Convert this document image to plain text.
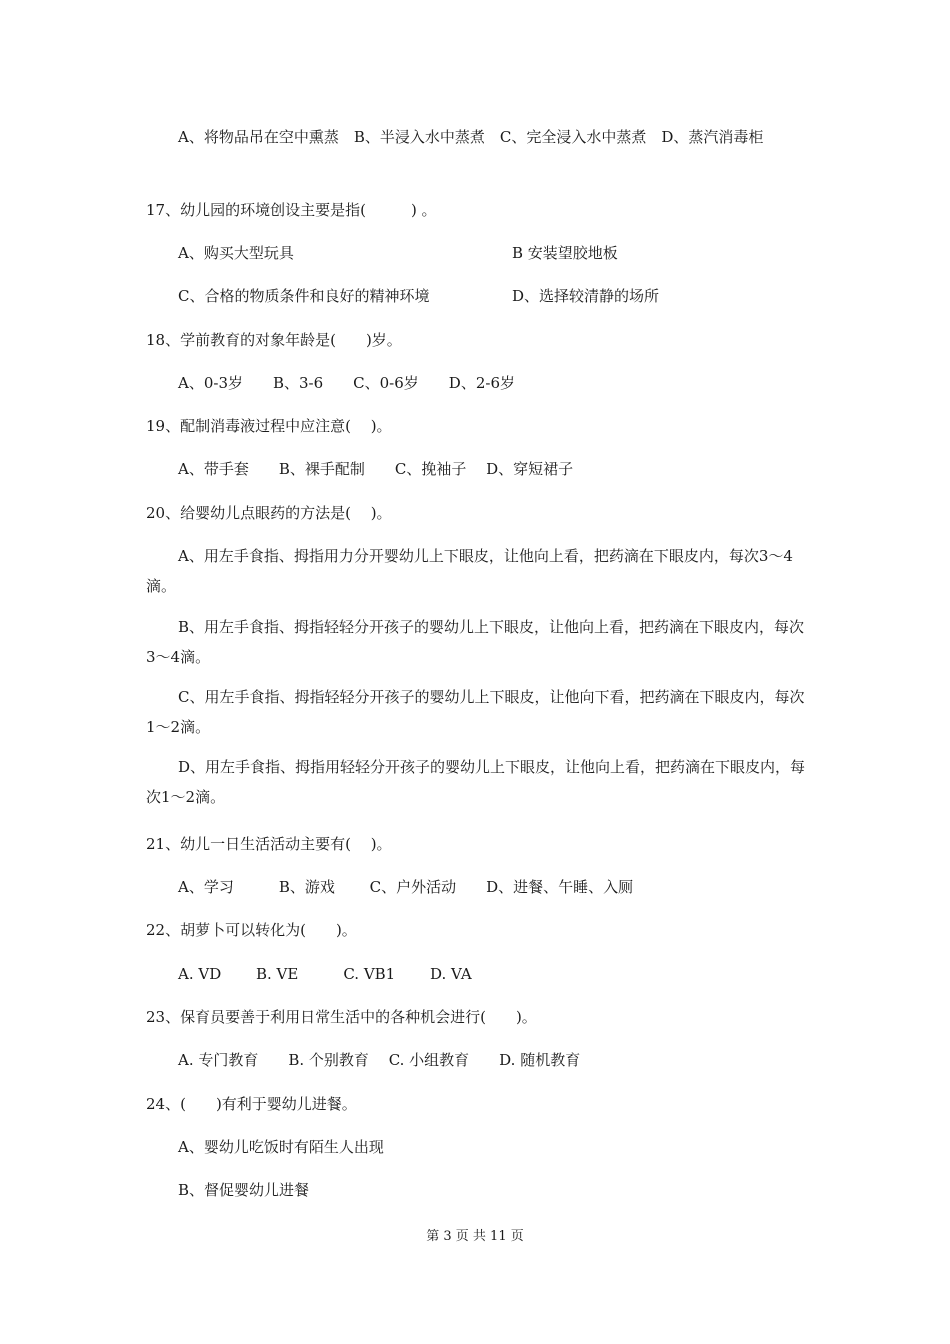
A、将物品吊在空中熏蒸　B、半浸入水中蒸煮　C、完全浸入水中蒸煮　D、蒸汽消毒柜
17、幼儿园的环境创设主要是指(　　　) 。
A、购买大型玩具	B 安装望胶地板
C、合格的物质条件和良好的精神环境	D、选择较清静的场所
18、学前教育的对象年龄是(　　)岁。
A、0-3岁　　B、3-6　　C、0-6岁　　D、2-6岁
19、配制消毒液过程中应注意(　 )。
A、带手套　　B、裸手配制　　C、挽袖子　 D、穿短裙子
20、给婴幼儿点眼药的方法是(　 )。
A、用左手食指、拇指用力分开婴幼儿上下眼皮，让他向上看，把药滴在下眼皮内，每次3～4滴。
B、用左手食指、拇指轻轻分开孩子的婴幼儿上下眼皮，让他向上看，把药滴在下眼皮内，每次3～4滴。
C、用左手食指、拇指轻轻分开孩子的婴幼儿上下眼皮，让他向下看，把药滴在下眼皮内，每次1～2滴。
D、用左手食指、拇指用轻轻分开孩子的婴幼儿上下眼皮，让他向上看，把药滴在下眼皮内，每次1～2滴。
21、幼儿一日生活活动主要有(　 )。
A、学习　　　B、游戏　　 C、户外活动　　D、进餐、午睡、入厕
22、胡萝卜可以转化为(　　)。
A. VD　　 B. VE　　　C. VB1　　 D. VA
23、保育员要善于利用日常生活中的各种机会进行(　　)。
A. 专门教育　　B. 个别教育　 C. 小组教育　　D. 随机教育
24、(　　)有利于婴幼儿进餐。
A、婴幼儿吃饭时有陌生人出现
B、督促婴幼儿进餐
第 3 页 共 11 页
